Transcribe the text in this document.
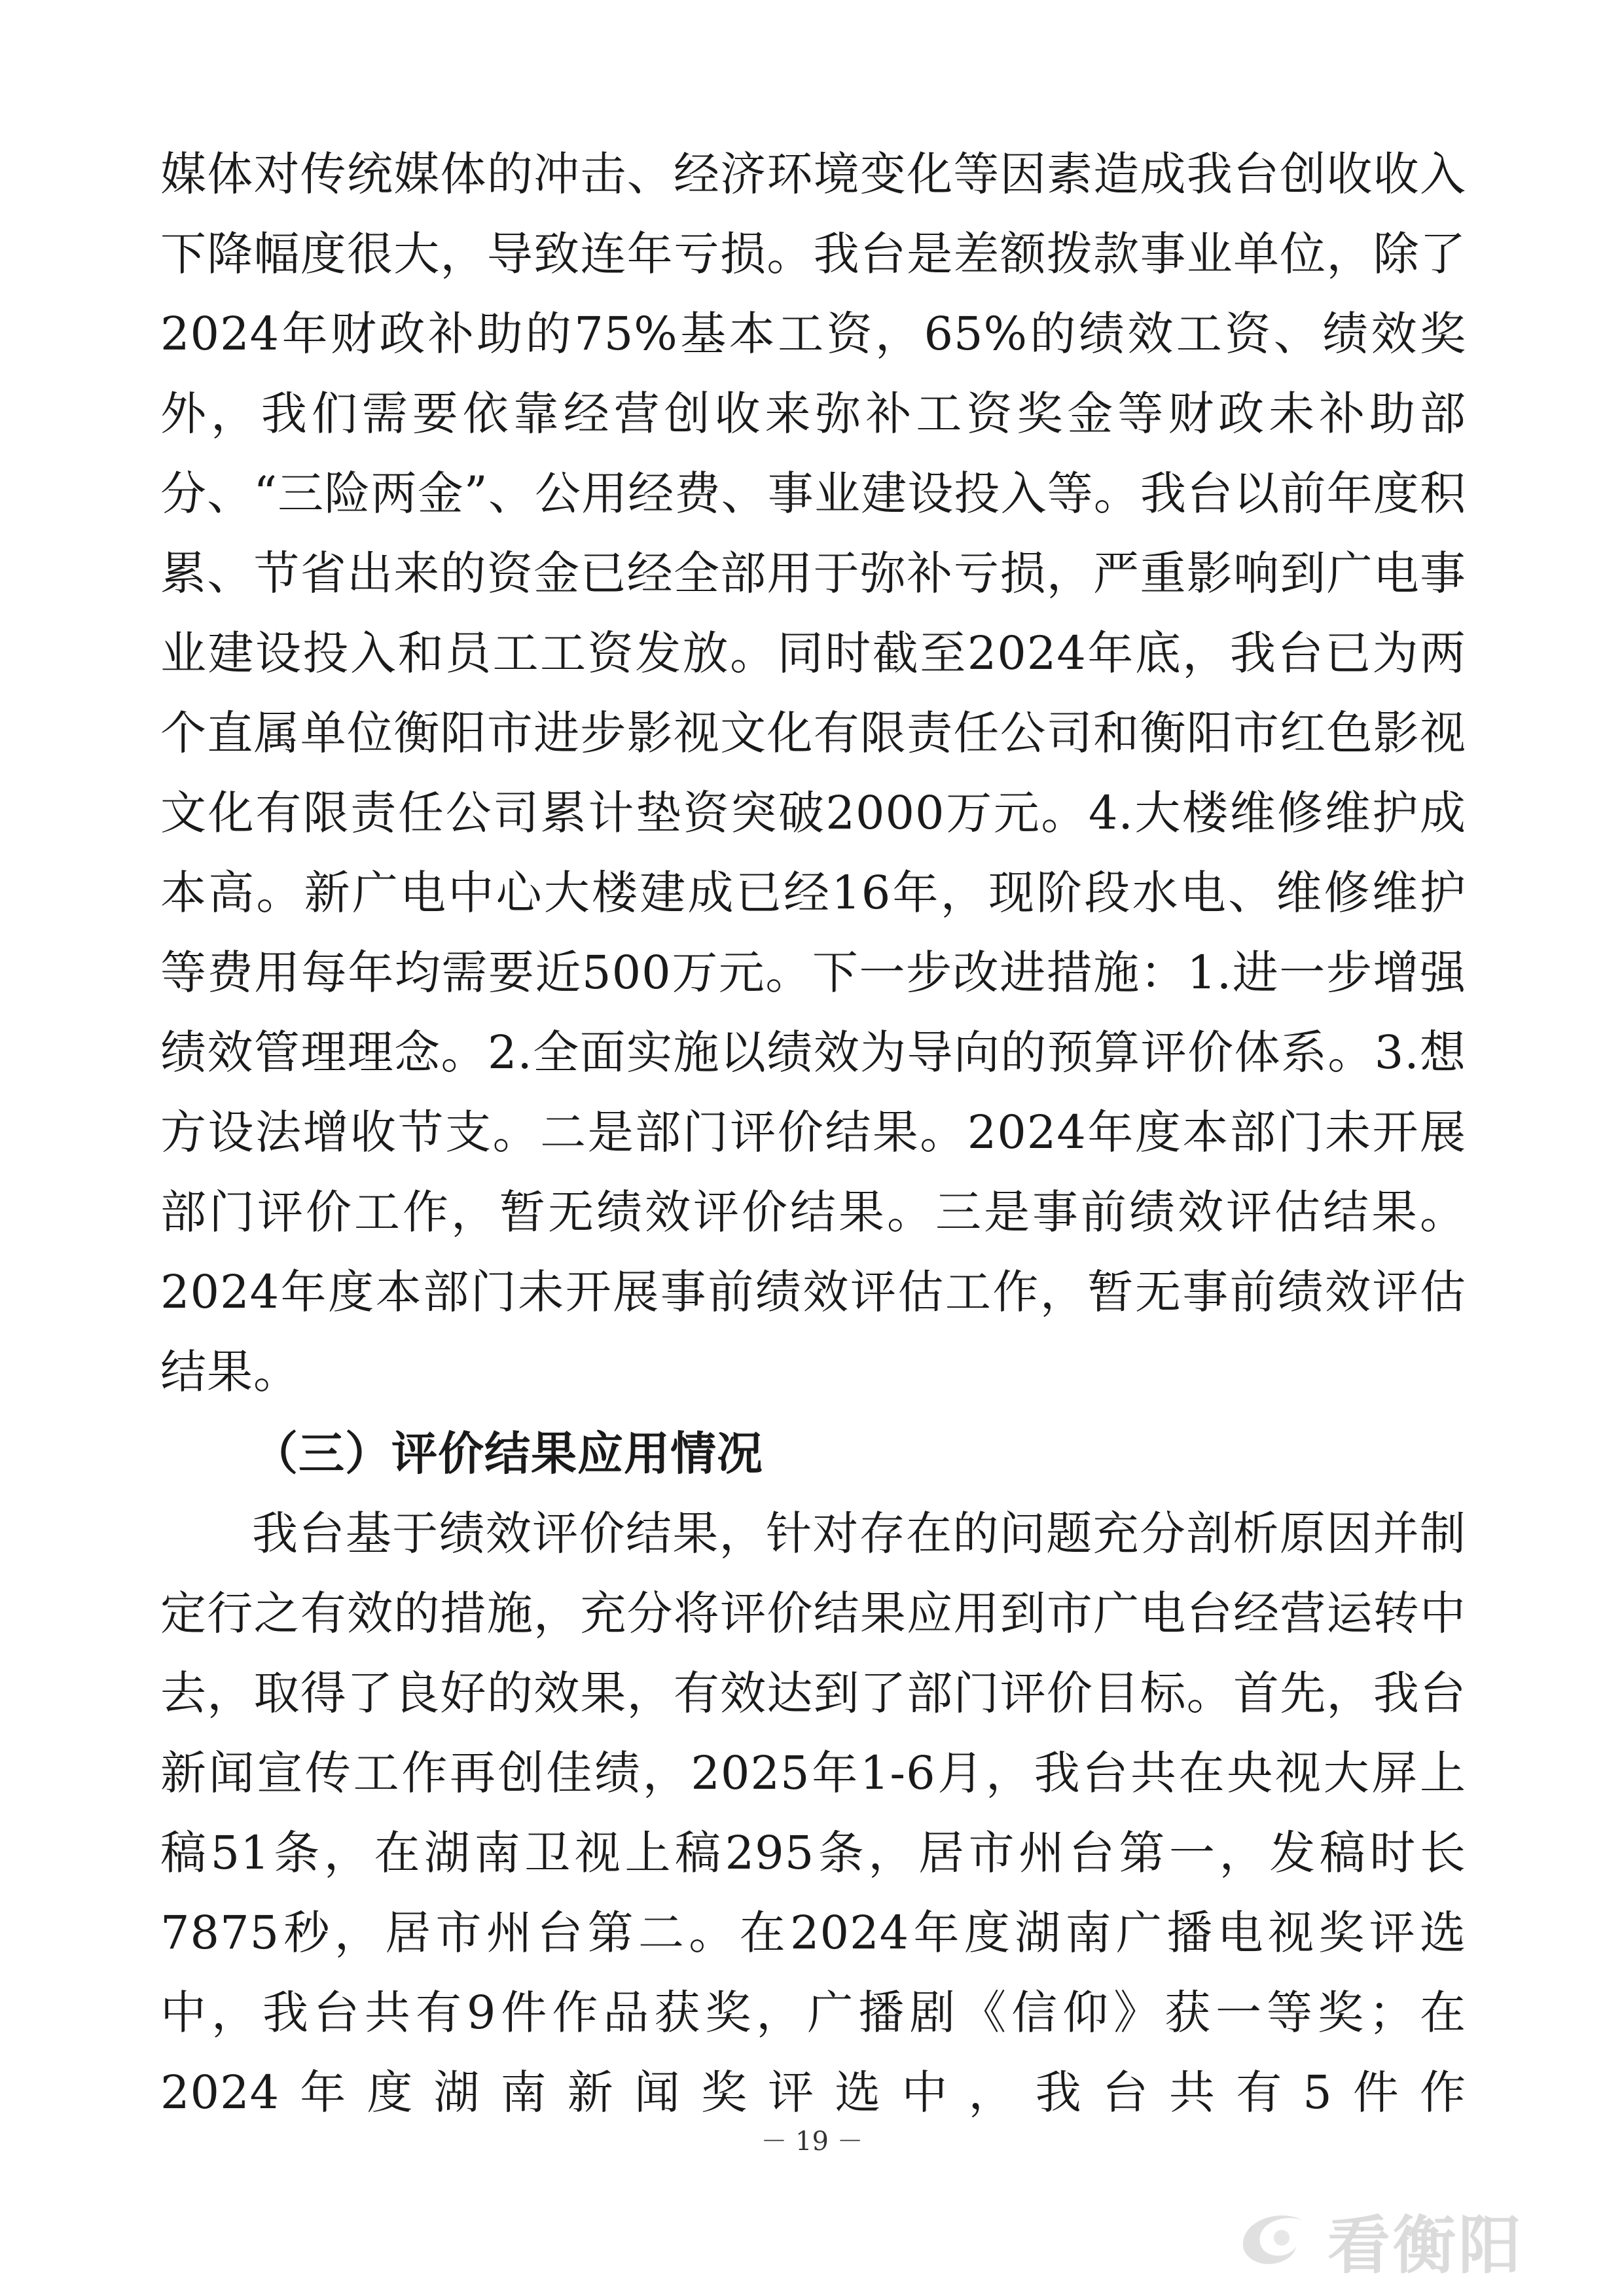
媒体对传统媒体的冲击、经济环境变化等因素造成我台创收收入下降幅度很大，导致连年亏损。我台是差额拨款事业单位，除了2024年财政补助的75%基本工资，65%的绩效工资、绩效奖外，我们需要依靠经营创收来弥补工资奖金等财政未补助部分、“三险两金”、公用经费、事业建设投入等。我台以前年度积累、节省出来的资金已经全部用于弥补亏损，严重影响到广电事业建设投入和员工工资发放。同时截至2024年底，我台已为两个直属单位衡阳市进步影视文化有限责任公司和衡阳市红色影视文化有限责任公司累计垫资突破2000万元。4.大楼维修维护成本高。新广电中心大楼建成已经16年，现阶段水电、维修维护等费用每年均需要近500万元。下一步改进措施：1.进一步增强绩效管理理念。2.全面实施以绩效为导向的预算评价体系。3.想方设法增收节支。二是部门评价结果。2024年度本部门未开展部门评价工作，暂无绩效评价结果。三是事前绩效评估结果。2024年度本部门未开展事前绩效评估工作，暂无事前绩效评估结果。

（三）评价结果应用情况

我台基于绩效评价结果，针对存在的问题充分剖析原因并制定行之有效的措施，充分将评价结果应用到市广电台经营运转中去，取得了良好的效果，有效达到了部门评价目标。首先，我台新闻宣传工作再创佳绩，2025年1-6月，我台共在央视大屏上稿51条，在湖南卫视上稿295条，居市州台第一，发稿时长7875秒，居市州台第二。在2024年度湖南广播电视奖评选中，我台共有9件作品获奖，广播剧《信仰》获一等奖；在2024年度湖南新闻奖评选中，我台共有5件作

－ 19 －
看衡阳
